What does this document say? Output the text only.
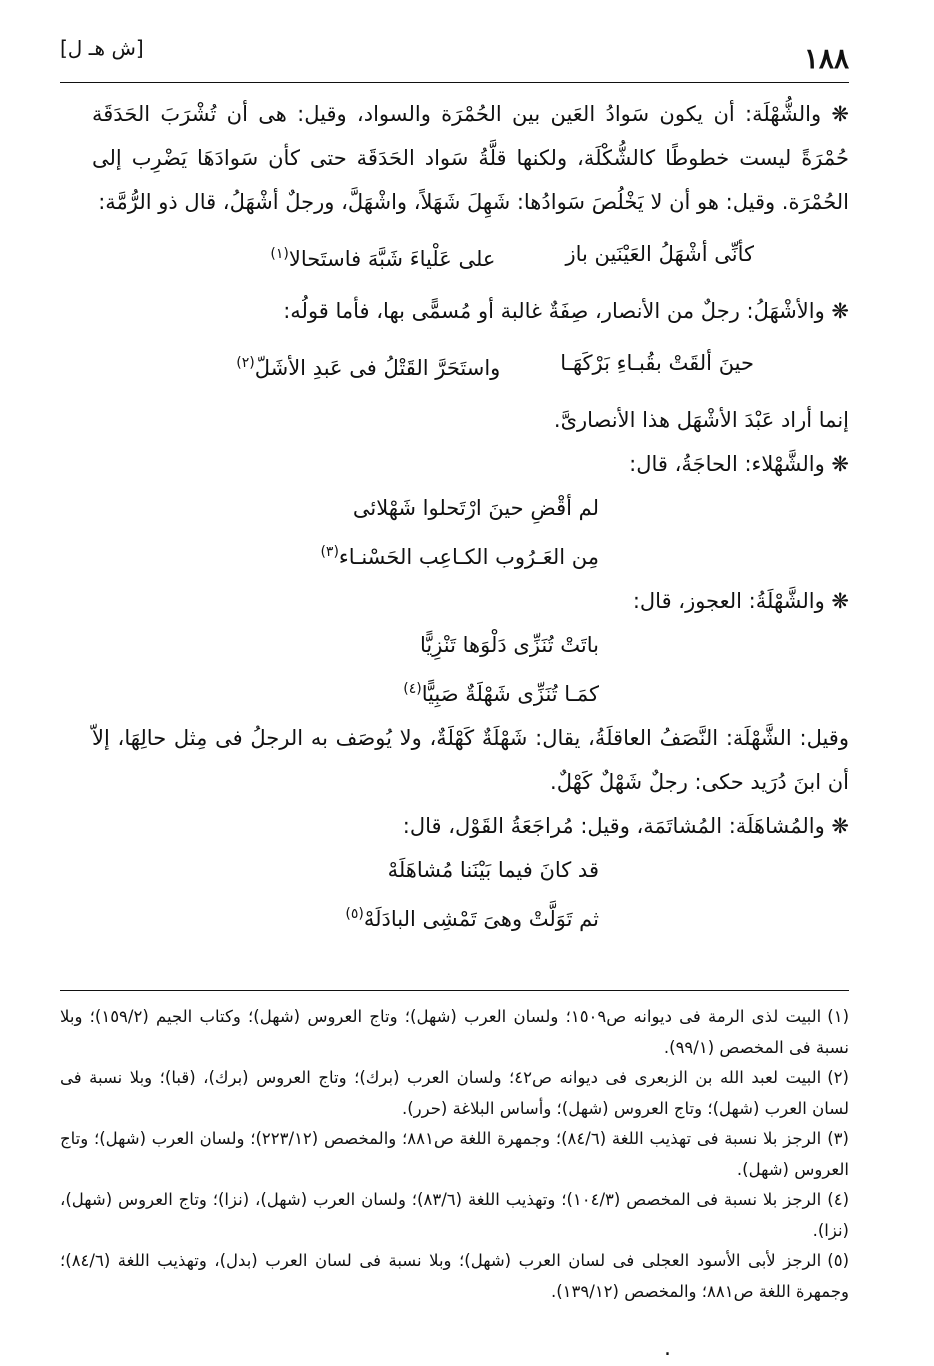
١٨٨
[ش هـ ل]

❋ والشُّهْلَة: أن يكون سَوادُ العَين بين الحُمْرَة والسواد، وقيل: هى أن تُشْرَبَ الحَدَقَة حُمْرَةً ليست خطوطًا كالشُّكْلَة، ولكنها قلَّةُ سَواد الحَدَقَة حتى كأن سَوادَهَا يَضْرِب إلى الحُمْرَة. وقيل: هو أن لا يَخْلُصَ سَوادُها: شَهِلَ شَهَلاً، واشْهَلَّ، ورجلٌ أشْهَلُ، قال ذو الرُّمَّة:

كأنِّى أشْهَلُ العَيْنَين باز
على عَلْياءَ شَبَّهَ فاستَحالا$^{(١)}$

❋ والأشْهَلُ: رجلٌ من الأنصار، صِفَةٌ غالبة أو مُسمًّى بها، فأما قولُه:

حينَ ألقَتْ بقُبـاءِ بَرْكَهَـا
واستَحَرَّ القَتْلُ فى عَبدِ الأشَلّ$^{(٢)}$

إنما أراد عَبْدَ الأشْهَل هذا الأنصارىَّ.

❋ والشَّهْلاء: الحاجَةُ، قال:

لم أقْضِ حينَ ارْتَحلوا شَهْلائى
مِن العَـرُوب الكـاعِب الحَسْنـاء$^{(٣)}$

❋ والشَّهْلَةُ: العجوز، قال:

باتَتْ تُنَزِّى دَلْوَها تَنْزِيًّا
كمَـا تُنَزِّى شَهْلَةٌ صَبِيًّا$^{(٤)}$

وقيل: الشَّهْلَة: النَّصَفُ العاقلَةُ، يقال: شَهْلَةٌ كَهْلَةٌ، ولا يُوصَف به الرجلُ فى مِثل حالِهَا، إلاّ أن ابنَ دُرَيد حكى: رجلٌ شَهْلٌ كَهْلٌ.

❋ والمُشاهَلَة: المُشاتَمَة، وقيل: مُراجَعَةُ القَوْل، قال:

قد كانَ فيما بَيْنَنا مُشاهَلَهْ
ثم تَوَلَّتْ وهىَ تَمْشِى البادَلَهْ$^{(٥)}$

(١)البيت لذى الرمة فى ديوانه ص١٥٠٩؛ ولسان العرب (شهل)؛ وتاج العروس (شهل)؛ وكتاب الجيم (١٥٩/٢)؛ وبلا نسبة فى المخصص (٩٩/١).

(٢)البيت لعبد الله بن الزبعرى فى ديوانه ص٤٢؛ ولسان العرب (برك)؛ وتاج العروس (برك)، (قبا)؛ وبلا نسبة فى لسان العرب (شهل)؛ وتاج العروس (شهل)؛ وأساس البلاغة (حرر).

(٣)الرجز بلا نسبة فى تهذيب اللغة (٨٤/٦)؛ وجمهرة اللغة ص٨٨١؛ والمخصص (٢٢٣/١٢)؛ ولسان العرب (شهل)؛ وتاج العروس (شهل).

(٤)الرجز بلا نسبة فى المخصص (١٠٤/٣)؛ وتهذيب اللغة (٨٣/٦)؛ ولسان العرب (شهل)، (نزا)؛ وتاج العروس (شهل)، (نزا).

(٥)الرجز لأبى الأسود العجلى فى لسان العرب (شهل)؛ وبلا نسبة فى لسان العرب (بدل)، وتهذيب اللغة (٨٤/٦)؛ وجمهرة اللغة ص٨٨١؛ والمخصص (١٣٩/١٢).

.
